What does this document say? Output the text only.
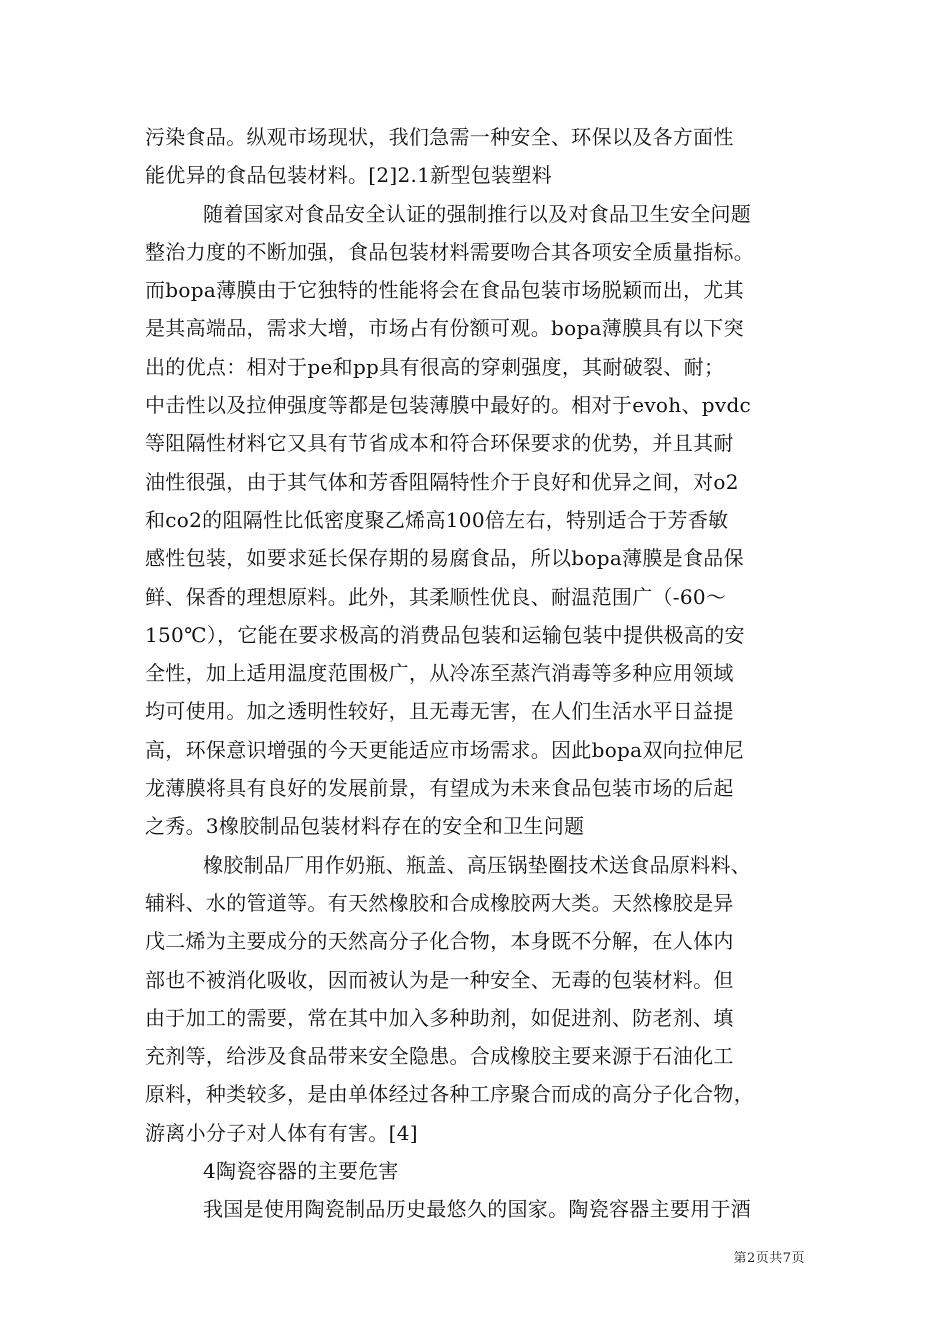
污染食品。纵观市场现状，我们急需一种安全、环保以及各方面性
能优异的食品包装材料。[2]2.1新型包装塑料
随着国家对食品安全认证的强制推行以及对食品卫生安全问题
整治力度的不断加强，食品包装材料需要吻合其各项安全质量指标。
而bopa薄膜由于它独特的性能将会在食品包装市场脱颖而出，尤其
是其高端品，需求大增，市场占有份额可观。bopa薄膜具有以下突
出的优点：相对于pe和pp具有很高的穿刺强度，其耐破裂、耐；
中击性以及拉伸强度等都是包装薄膜中最好的。相对于evoh、pvdc
等阻隔性材料它又具有节省成本和符合环保要求的优势，并且其耐
油性很强，由于其气体和芳香阻隔特性介于良好和优异之间，对o2
和co2的阻隔性比低密度聚乙烯高100倍左右，特别适合于芳香敏
感性包装，如要求延长保存期的易腐食品，所以bopa薄膜是食品保
鲜、保香的理想原料。此外，其柔顺性优良、耐温范围广（-60～
150℃），它能在要求极高的消费品包装和运输包装中提供极高的安
全性，加上适用温度范围极广，从冷冻至蒸汽消毒等多种应用领域
均可使用。加之透明性较好，且无毒无害，在人们生活水平日益提
高，环保意识增强的今天更能适应市场需求。因此bopa双向拉伸尼
龙薄膜将具有良好的发展前景，有望成为未来食品包装市场的后起
之秀。3橡胶制品包装材料存在的安全和卫生问题
橡胶制品厂用作奶瓶、瓶盖、高压锅垫圈技术送食品原料料、
辅料、水的管道等。有天然橡胶和合成橡胶两大类。天然橡胶是异
戊二烯为主要成分的天然高分子化合物，本身既不分解，在人体内
部也不被消化吸收，因而被认为是一种安全、无毒的包装材料。但
由于加工的需要，常在其中加入多种助剂，如促进剂、防老剂、填
充剂等，给涉及食品带来安全隐患。合成橡胶主要来源于石油化工
原料，种类较多，是由单体经过各种工序聚合而成的高分子化合物，
游离小分子对人体有有害。[4]
4陶瓷容器的主要危害
我国是使用陶瓷制品历史最悠久的国家。陶瓷容器主要用于酒
第2页共7页
